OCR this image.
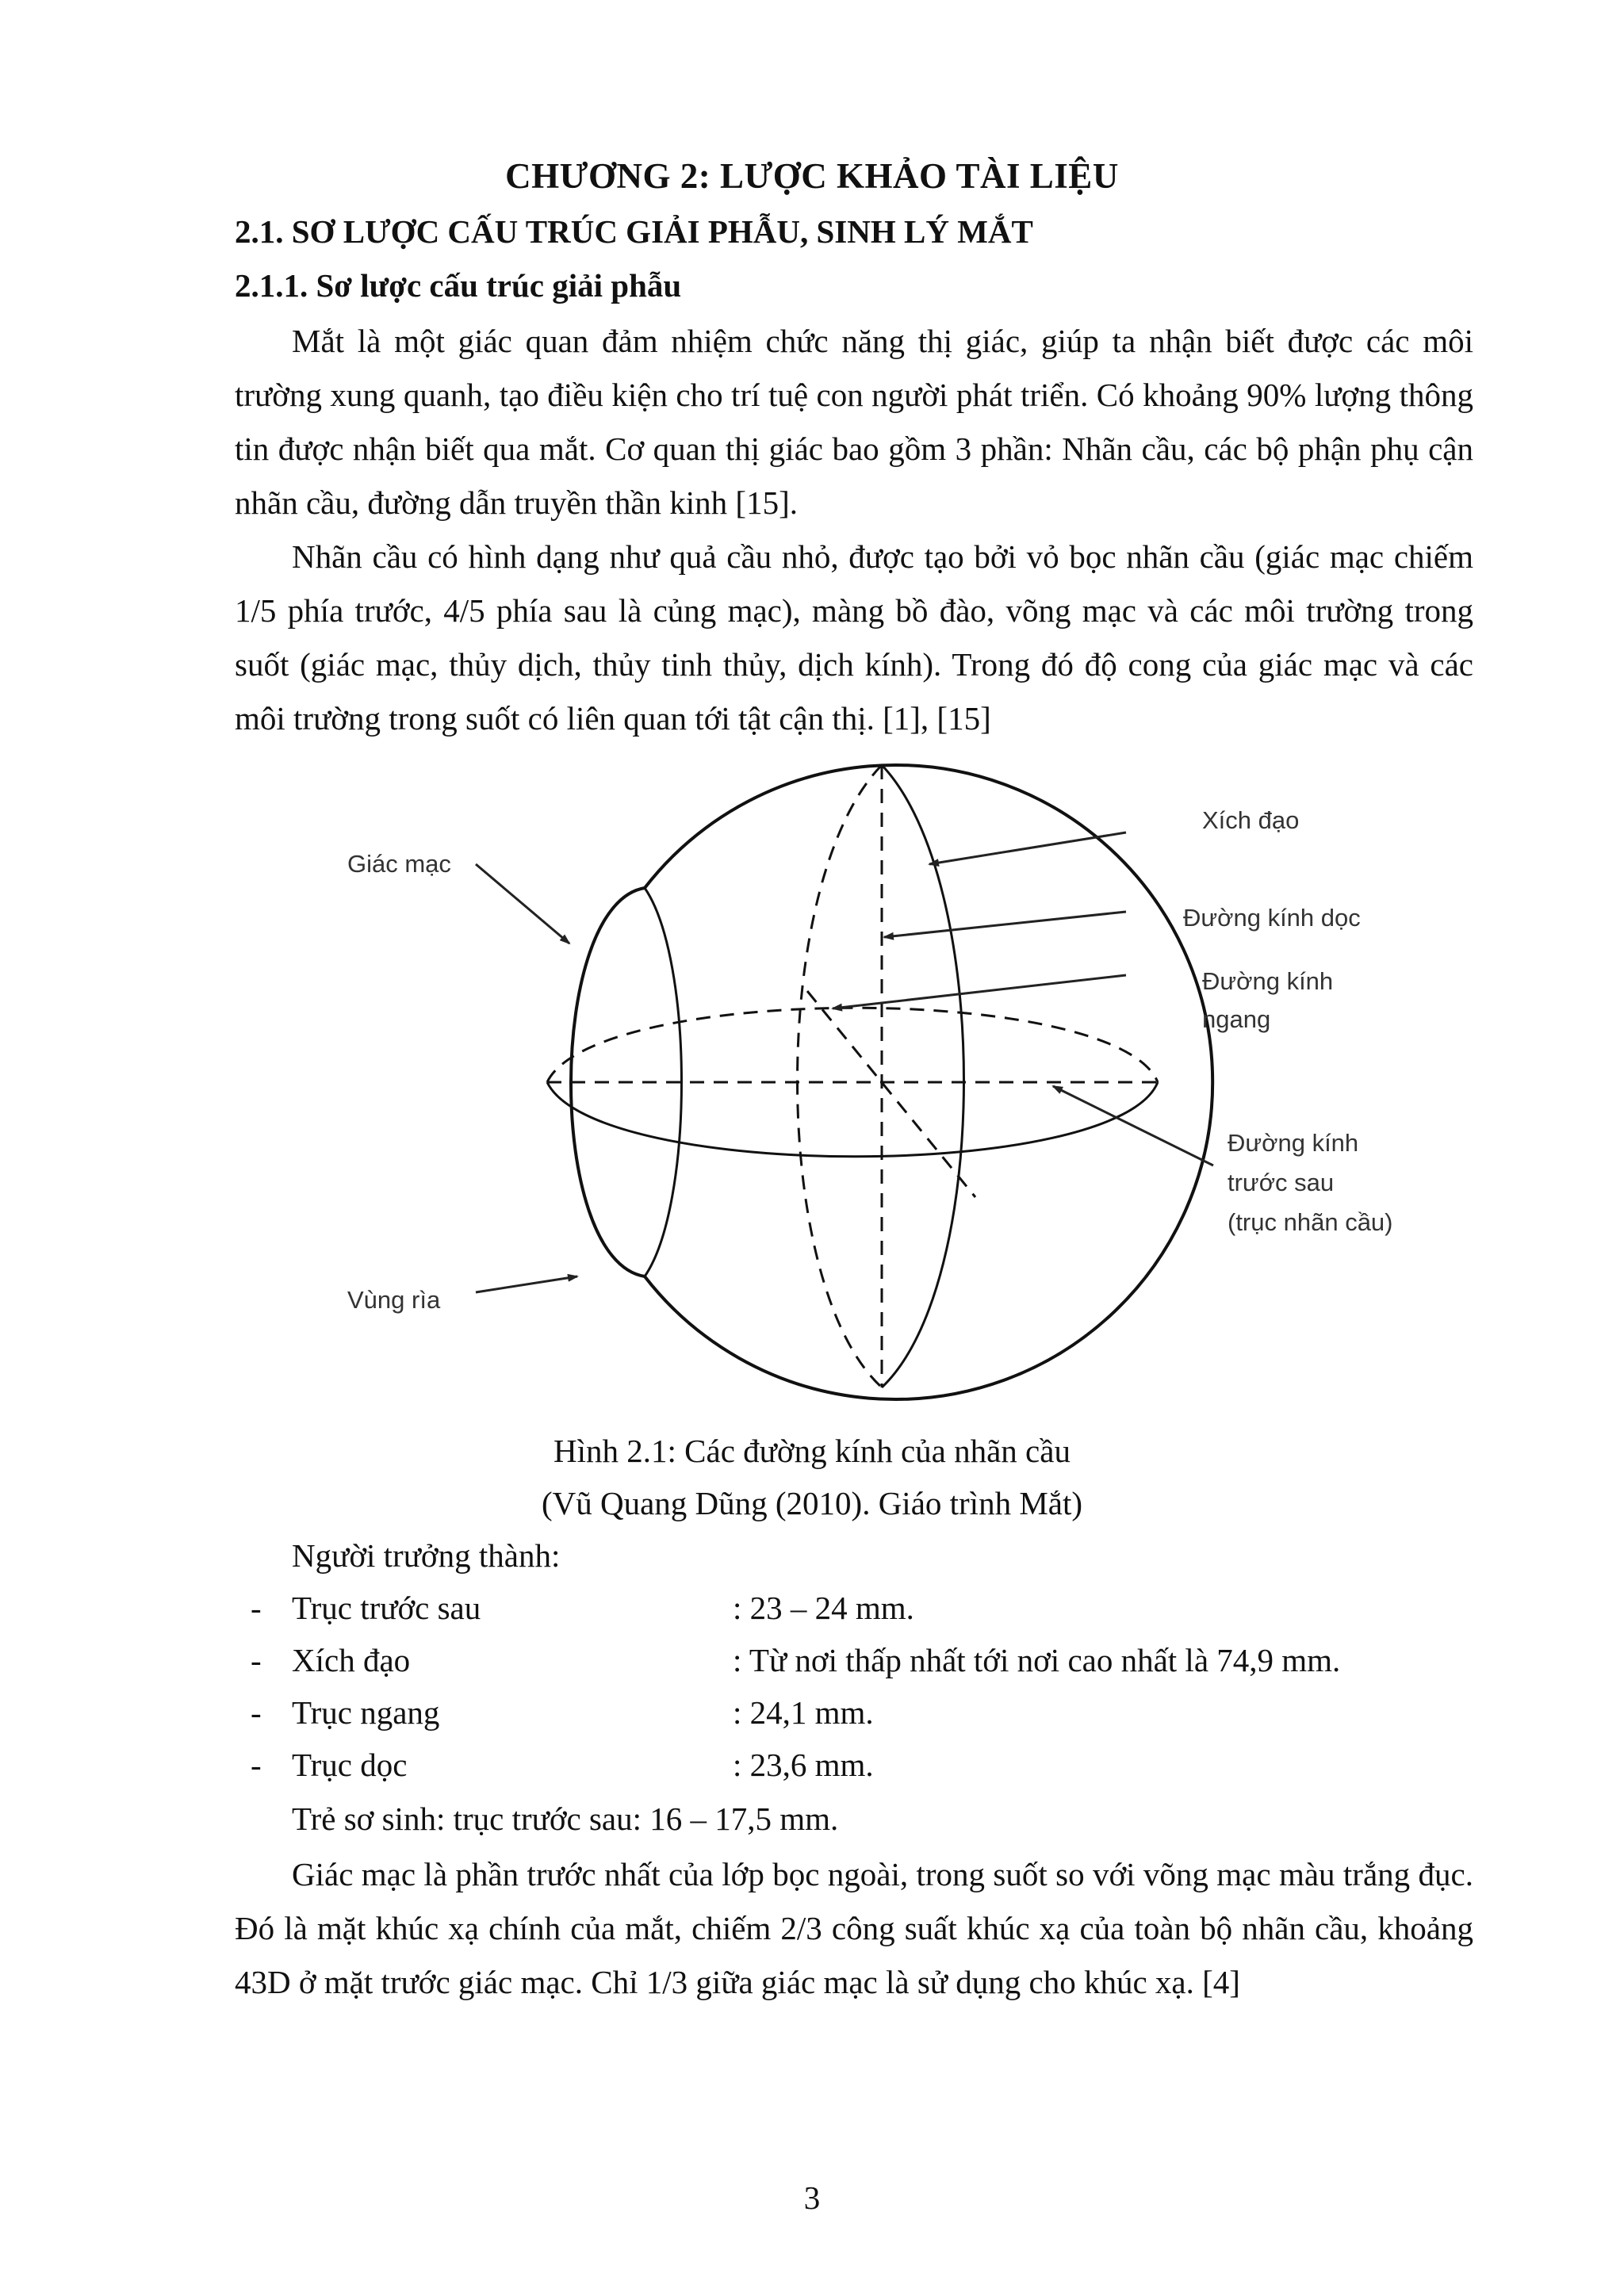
CHƯƠNG 2: LƯỢC KHẢO TÀI LIỆU
2.1. SƠ LƯỢC CẤU TRÚC GIẢI PHẪU, SINH LÝ MẮT
2.1.1. Sơ lược cấu trúc giải phẫu

Mắt là một giác quan đảm nhiệm chức năng thị giác, giúp ta nhận biết được các môi trường xung quanh, tạo điều kiện cho trí tuệ con người phát triển. Có khoảng 90% lượng thông tin được nhận biết qua mắt. Cơ quan thị giác bao gồm 3 phần: Nhãn cầu, các bộ phận phụ cận nhãn cầu, đường dẫn truyền thần kinh [15].

Nhãn cầu có hình dạng như quả cầu nhỏ, được tạo bởi vỏ bọc nhãn cầu (giác mạc chiếm 1/5 phía trước, 4/5 phía sau là củng mạc), màng bồ đào, võng mạc và các môi trường trong suốt (giác mạc, thủy dịch, thủy tinh thủy, dịch kính). Trong đó độ cong của giác mạc và các môi trường trong suốt có liên quan tới tật cận thị. [1], [15]

Giác mạc
Vùng rìa
Xích đạo
Đường kính dọc
Đường kính
ngang
Đường kính
trước sau
(trục nhãn cầu)
Hình 2.1: Các đường kính của nhãn cầu
(Vũ Quang Dũng (2010). Giáo trình Mắt)
Người trưởng thành:
- Trục trước sau	: 23 – 24 mm.
- Xích đạo	: Từ nơi thấp nhất tới nơi cao nhất là 74,9 mm.
- Trục ngang	: 24,1 mm.
- Trục dọc	: 23,6 mm.
Trẻ sơ sinh: trục trước sau: 16 – 17,5 mm.

Giác mạc là phần trước nhất của lớp bọc ngoài, trong suốt so với võng mạc màu trắng đục. Đó là mặt khúc xạ chính của mắt, chiếm 2/3 công suất khúc xạ của toàn bộ nhãn cầu, khoảng 43D ở mặt trước giác mạc. Chỉ 1/3 giữa giác mạc là sử dụng cho khúc xạ. [4]

3
